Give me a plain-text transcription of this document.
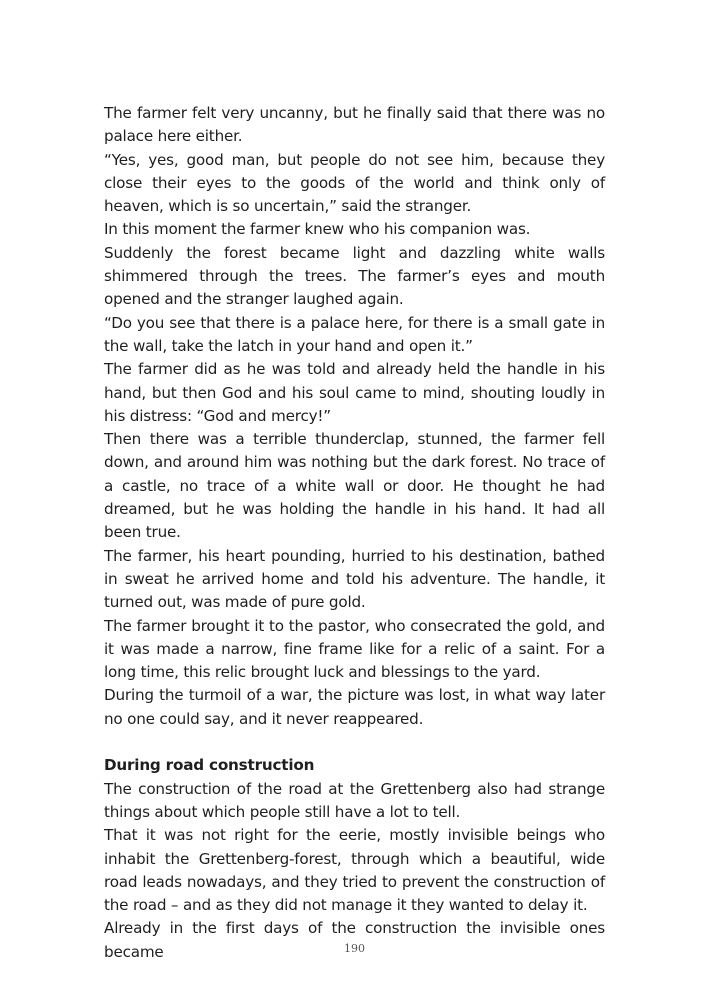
The farmer felt very uncanny, but he finally said that there was no palace here either.

“Yes, yes, good man, but people do not see him, because they close their eyes to the goods of the world and think only of heaven, which is so uncertain,” said the stranger.

In this moment the farmer knew who his companion was.

Suddenly the forest became light and dazzling white walls shimmered through the trees. The farmer’s eyes and mouth opened and the stranger laughed again.

“Do you see that there is a palace here, for there is a small gate in the wall, take the latch in your hand and open it.”

The farmer did as he was told and already held the handle in his hand, but then God and his soul came to mind, shouting loudly in his distress: “God and mercy!”

Then there was a terrible thunderclap, stunned, the farmer fell down, and around him was nothing but the dark forest. No trace of a castle, no trace of a white wall or door. He thought he had dreamed, but he was holding the handle in his hand. It had all been true.

The farmer, his heart pounding, hurried to his destination, bathed in sweat he arrived home and told his adventure. The handle, it turned out, was made of pure gold.

The farmer brought it to the pastor, who consecrated the gold, and it was made a narrow, fine frame like for a relic of a saint. For a long time, this relic brought luck and blessings to the yard.

During the turmoil of a war, the picture was lost, in what way later no one could say, and it never reappeared.

During road construction

The construction of the road at the Grettenberg also had strange things about which people still have a lot to tell.

That it was not right for the eerie, mostly invisible beings who inhabit the Grettenberg-forest, through which a beautiful, wide road leads nowadays, and they tried to prevent the construction of the road – and as they did not manage it they wanted to delay it.

Already in the first days of the construction the invisible ones became	190
